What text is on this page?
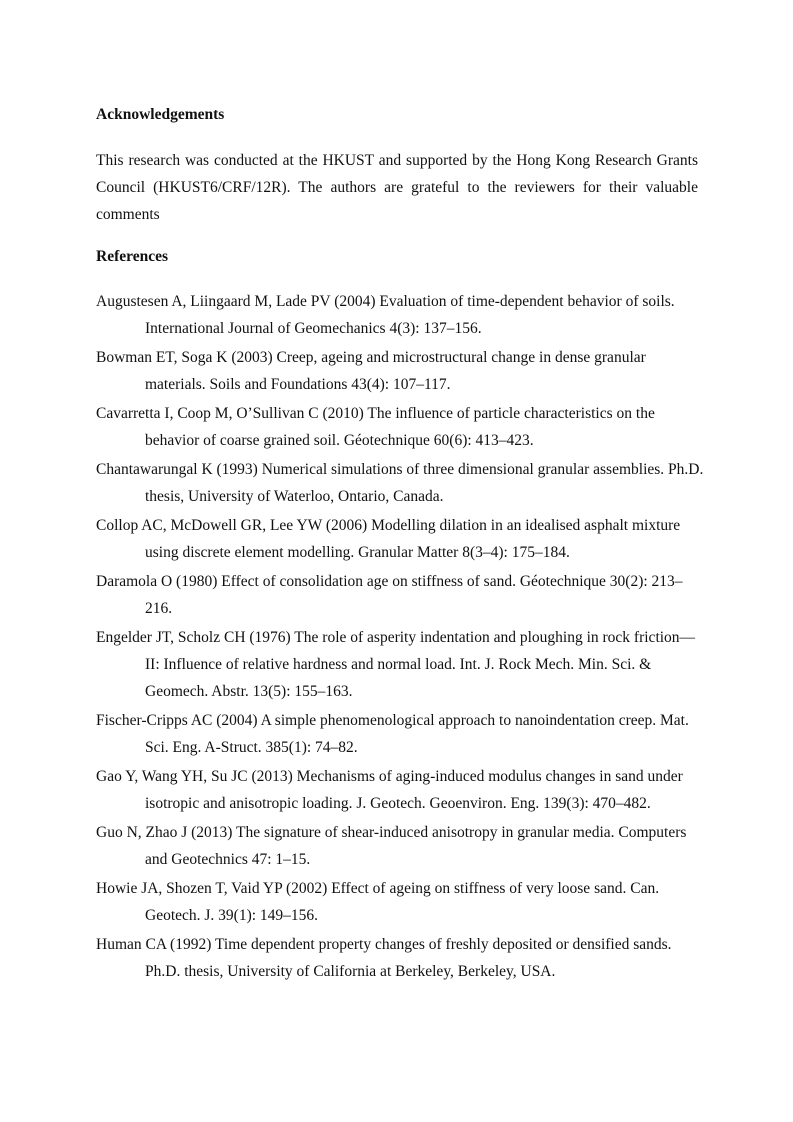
Acknowledgements

This research was conducted at the HKUST and supported by the Hong Kong Research Grants Council (HKUST6/CRF/12R). The authors are grateful to the reviewers for their valuable comments

References
Augustesen A, Liingaard M, Lade PV (2004) Evaluation of time-dependent behavior of soils. International Journal of Geomechanics 4(3): 137–156.
Bowman ET, Soga K (2003) Creep, ageing and microstructural change in dense granular materials. Soils and Foundations 43(4): 107–117.
Cavarretta I, Coop M, O’Sullivan C (2010) The influence of particle characteristics on the behavior of coarse grained soil. Géotechnique 60(6): 413–423.
Chantawarungal K (1993) Numerical simulations of three dimensional granular assemblies. Ph.D. thesis, University of Waterloo, Ontario, Canada.
Collop AC, McDowell GR, Lee YW (2006) Modelling dilation in an idealised asphalt mixture using discrete element modelling. Granular Matter 8(3–4): 175–184.
Daramola O (1980) Effect of consolidation age on stiffness of sand. Géotechnique 30(2): 213–216.
Engelder JT, Scholz CH (1976) The role of asperity indentation and ploughing in rock friction—II: Influence of relative hardness and normal load. Int. J. Rock Mech. Min. Sci. & Geomech. Abstr. 13(5): 155–163.
Fischer-Cripps AC (2004) A simple phenomenological approach to nanoindentation creep. Mat. Sci. Eng. A-Struct. 385(1): 74–82.
Gao Y, Wang YH, Su JC (2013) Mechanisms of aging-induced modulus changes in sand under isotropic and anisotropic loading. J. Geotech. Geoenviron. Eng. 139(3): 470–482.
Guo N, Zhao J (2013) The signature of shear-induced anisotropy in granular media. Computers and Geotechnics 47: 1–15.
Howie JA, Shozen T, Vaid YP (2002) Effect of ageing on stiffness of very loose sand. Can. Geotech. J. 39(1): 149–156.
Human CA (1992) Time dependent property changes of freshly deposited or densified sands. Ph.D. thesis, University of California at Berkeley, Berkeley, USA.
